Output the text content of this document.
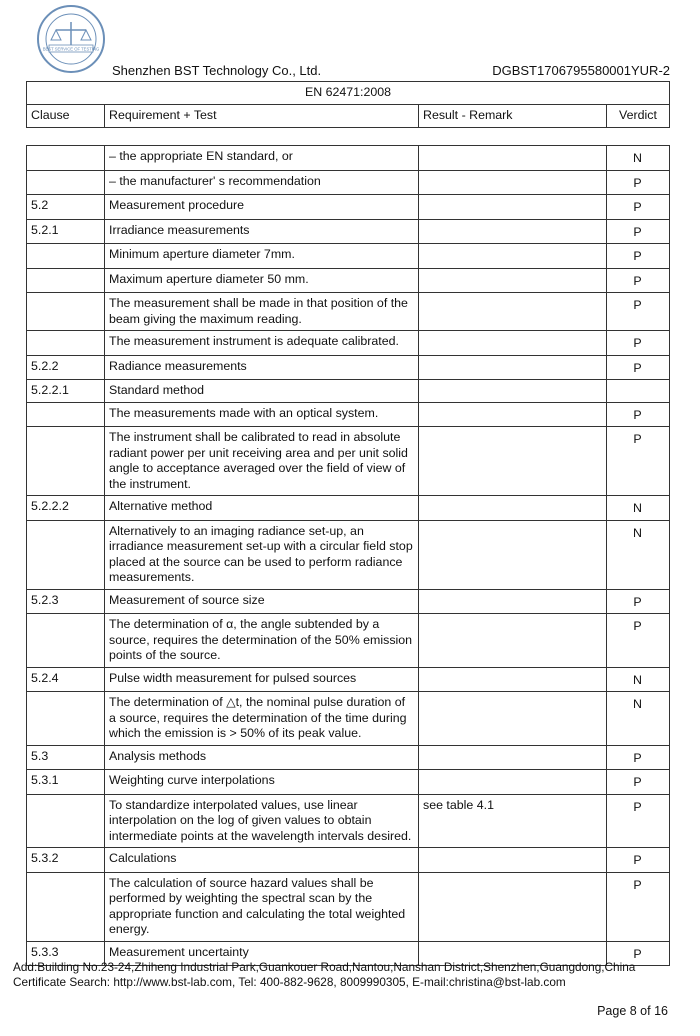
BEST SERVICE OF TESTING
Shenzhen BST Technology Co., Ltd.	DGBST1706795580001YUR-2
EN 62471:2008
Clause	Requirement + Test	Result - Remark	Verdict
	– the appropriate EN standard, or		N
	– the manufacturer' s recommendation		P
5.2	Measurement procedure		P
5.2.1	Irradiance measurements		P
	Minimum aperture diameter 7mm.		P
	Maximum aperture diameter 50 mm.		P
	The measurement shall be made in that position of the beam giving the maximum reading.		P
	The measurement instrument is adequate calibrated.		P
5.2.2	Radiance measurements		P
5.2.2.1	Standard method		
	The measurements made with an optical system.		P
	The instrument shall be calibrated to read in absolute radiant power per unit receiving area and per unit solid angle to acceptance averaged over the field of view of the instrument.		P
5.2.2.2	Alternative method		N
	Alternatively to an imaging radiance set-up, an irradiance measurement set-up with a circular field stop placed at the source can be used to perform radiance measurements.		N
5.2.3	Measurement of source size		P
	The determination of α, the angle subtended by a source, requires the determination of the 50% emission points of the source.		P
5.2.4	Pulse width measurement for pulsed sources		N
	The determination of △t, the nominal pulse duration of a source, requires the determination of the time during which the emission is > 50% of its peak value.		N
5.3	Analysis methods		P
5.3.1	Weighting curve interpolations		P
	To standardize interpolated values, use linear interpolation on the log of given values to obtain intermediate points at the wavelength intervals desired.	see table 4.1	P
5.3.2	Calculations		P
	The calculation of source hazard values shall be performed by weighting the spectral scan by the appropriate function and calculating the total weighted energy.		P
5.3.3	Measurement uncertainty		P
Add:Building No.23-24,Zhiheng Industrial Park,Guankouer Road,Nantou,Nanshan District,Shenzhen,Guangdong,China
Certificate Search: http://www.bst-lab.com, Tel: 400-882-9628, 8009990305, E-mail:christina@bst-lab.com
Page 8 of 16
